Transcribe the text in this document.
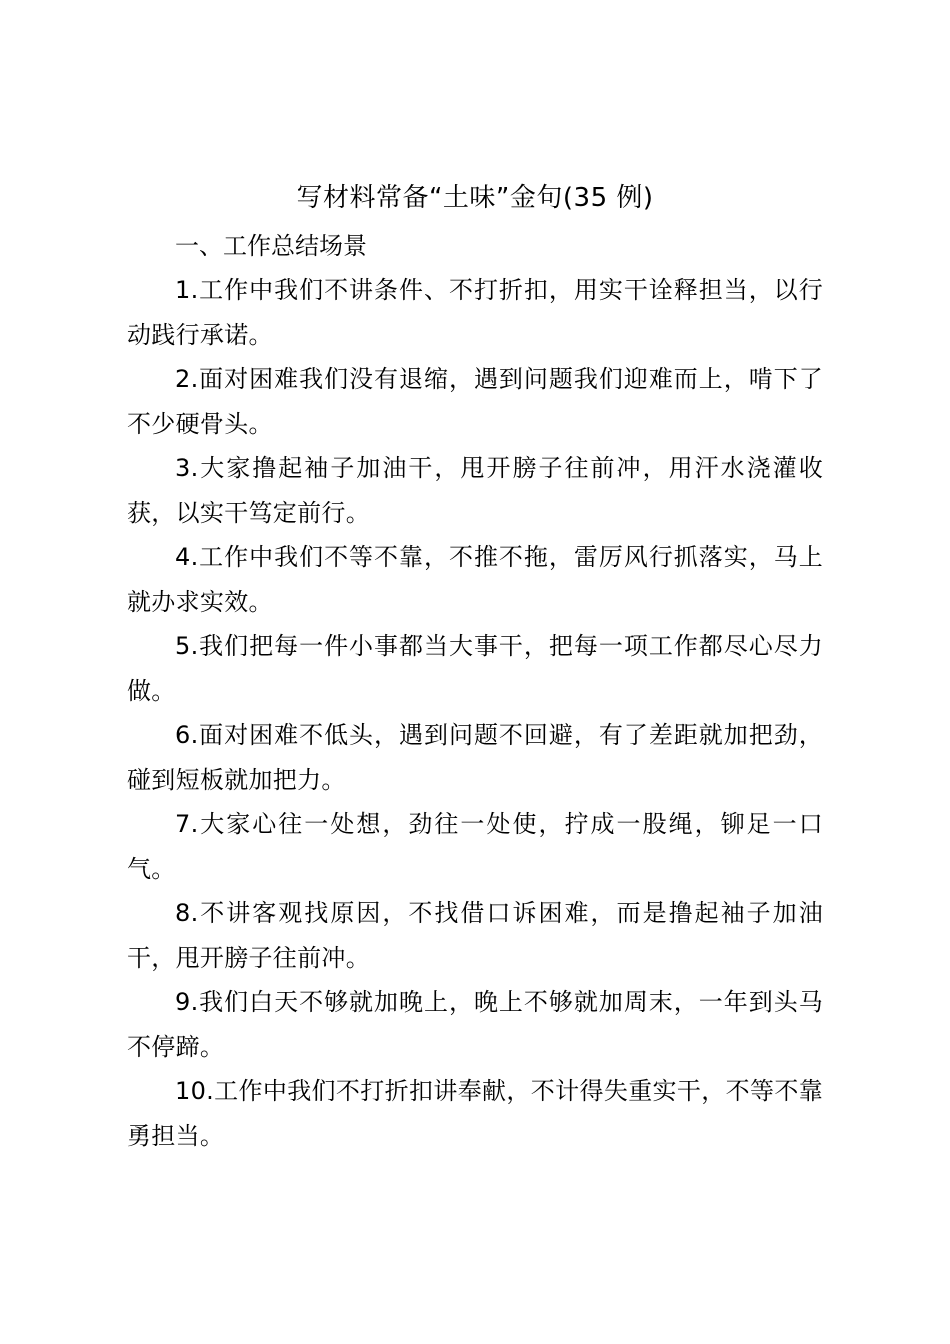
写材料常备“土味”金句(35 例)
一、工作总结场景

1.工作中我们不讲条件、不打折扣，用实干诠释担当，以行动践行承诺。

2.面对困难我们没有退缩，遇到问题我们迎难而上，啃下了不少硬骨头。

3.大家撸起袖子加油干，甩开膀子往前冲，用汗水浇灌收获，以实干笃定前行。

4.工作中我们不等不靠，不推不拖，雷厉风行抓落实，马上就办求实效。

5.我们把每一件小事都当大事干，把每一项工作都尽心尽力做。

6.面对困难不低头，遇到问题不回避，有了差距就加把劲，碰到短板就加把力。

7.大家心往一处想，劲往一处使，拧成一股绳，铆足一口气。

8.不讲客观找原因，不找借口诉困难，而是撸起袖子加油干，甩开膀子往前冲。

9.我们白天不够就加晚上，晚上不够就加周末，一年到头马不停蹄。

10.工作中我们不打折扣讲奉献，不计得失重实干，不等不靠勇担当。
